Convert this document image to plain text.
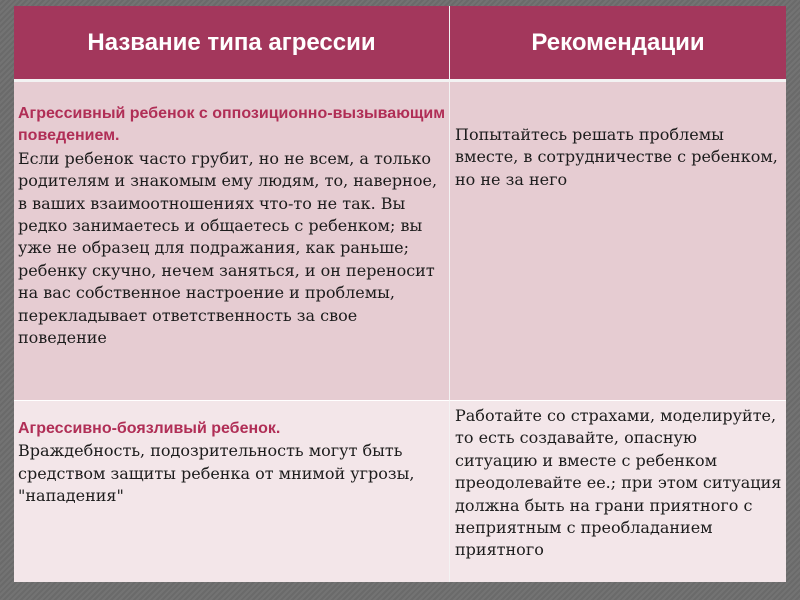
Название типа агрессии	Рекомендации
Агрессивный ребенок с оппозиционно-вызывающим поведением.
Если ребенок часто грубит, но не всем, а только родителям и знакомым ему людям, то, наверное, в ваших взаимоотношениях что-то не так. Вы редко занимаетесь и общаетесь с ребенком; вы уже не образец для подражания, как раньше; ребенку скучно, нечем заняться, и он переносит на вас собственное настроение и проблемы, перекладывает ответственность за свое поведение
Попытайтесь решать проблемы вместе, в сотрудничестве с ребенком, но не за него
Агрессивно-боязливый ребенок.
Враждебность, подозрительность могут быть средством защиты ребенка от мнимой угрозы, "нападения"
Работайте со страхами, моделируйте, то есть создавайте, опасную ситуацию и вместе с ребенком преодолевайте ее.; при этом ситуация должна быть на грани приятного с неприятным с преобладанием приятного
